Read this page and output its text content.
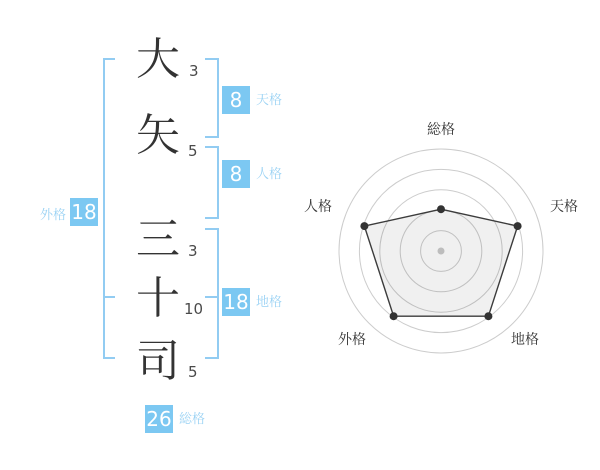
大
矢
三
十
司
3
5
3
10
5
8	天格
8	人格
18 地格
外格 18
26 総格
総格
天格
地格
外格
人格
